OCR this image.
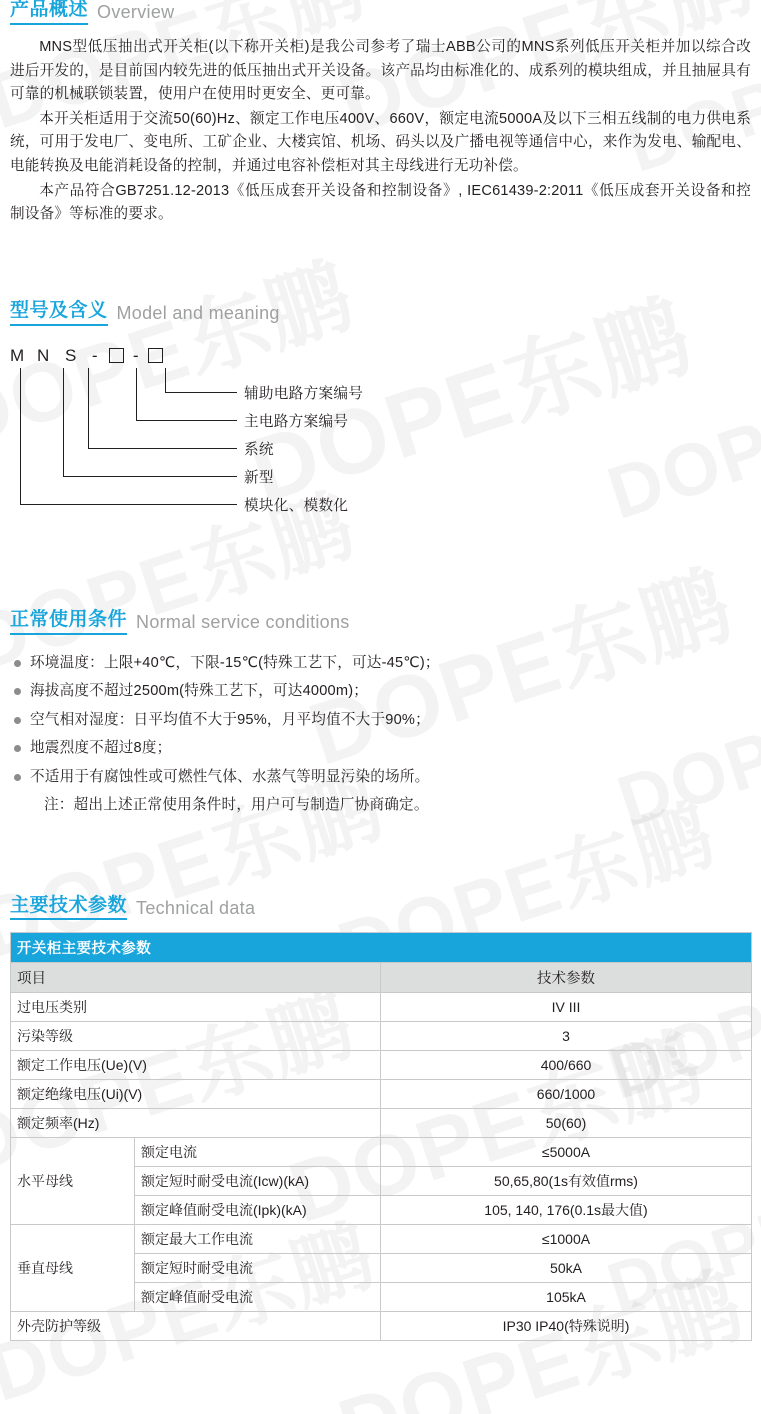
产品概述 Overview

MNS型低压抽出式开关柜(以下称开关柜)是我公司参考了瑞士ABB公司的MNS系列低压开关柜并加以综合改进后开发的，是目前国内较先进的低压抽出式开关设备。该产品均由标准化的、成系列的模块组成，并且抽屉具有可靠的机械联锁装置，使用户在使用时更安全、更可靠。

本开关柜适用于交流50(60)Hz、额定工作电压400V、660V，额定电流5000A及以下三相五线制的电力供电系统，可用于发电厂、变电所、工矿企业、大楼宾馆、机场、码头以及广播电视等通信中心，来作为发电、输配电、电能转换及电能消耗设备的控制，并通过电容补偿柜对其主母线进行无功补偿。

本产品符合GB7251.12-2013《低压成套开关设备和控制设备》, IEC61439-2:2011《低压成套开关设备和控制设备》等标准的要求。

型号及含义 Model and meaning
M N S - -
辅助电路方案编号
主电路方案编号
系统
新型
模块化、模数化
正常使用条件 Normal service conditions
环境温度：上限+40℃，下限-15℃(特殊工艺下，可达-45℃)；
海拔高度不超过2500m(特殊工艺下，可达4000m)；
空气相对湿度：日平均值不大于95%，月平均值不大于90%；
地震烈度不超过8度；
不适用于有腐蚀性或可燃性气体、水蒸气等明显污染的场所。
注：超出上述正常使用条件时，用户可与制造厂协商确定。
主要技术参数 Technical data
开关柜主要技术参数		
项目		技术参数
过电压类别		IV III
污染等级		3
额定工作电压(Ue)(V)		400/660
额定绝缘电压(Ui)(V)		660/1000
额定频率(Hz)		50(60)
水平母线	额定电流	≤5000A
	额定短时耐受电流(Icw)(kA)	50,65,80(1s有效值rms)
	额定峰值耐受电流(Ipk)(kA)	105, 140, 176(0.1s最大值)
垂直母线	额定最大工作电流	≤1000A
	额定短时耐受电流	50kA
	额定峰值耐受电流	105kA
外壳防护等级		IP30 IP40(特殊说明)
